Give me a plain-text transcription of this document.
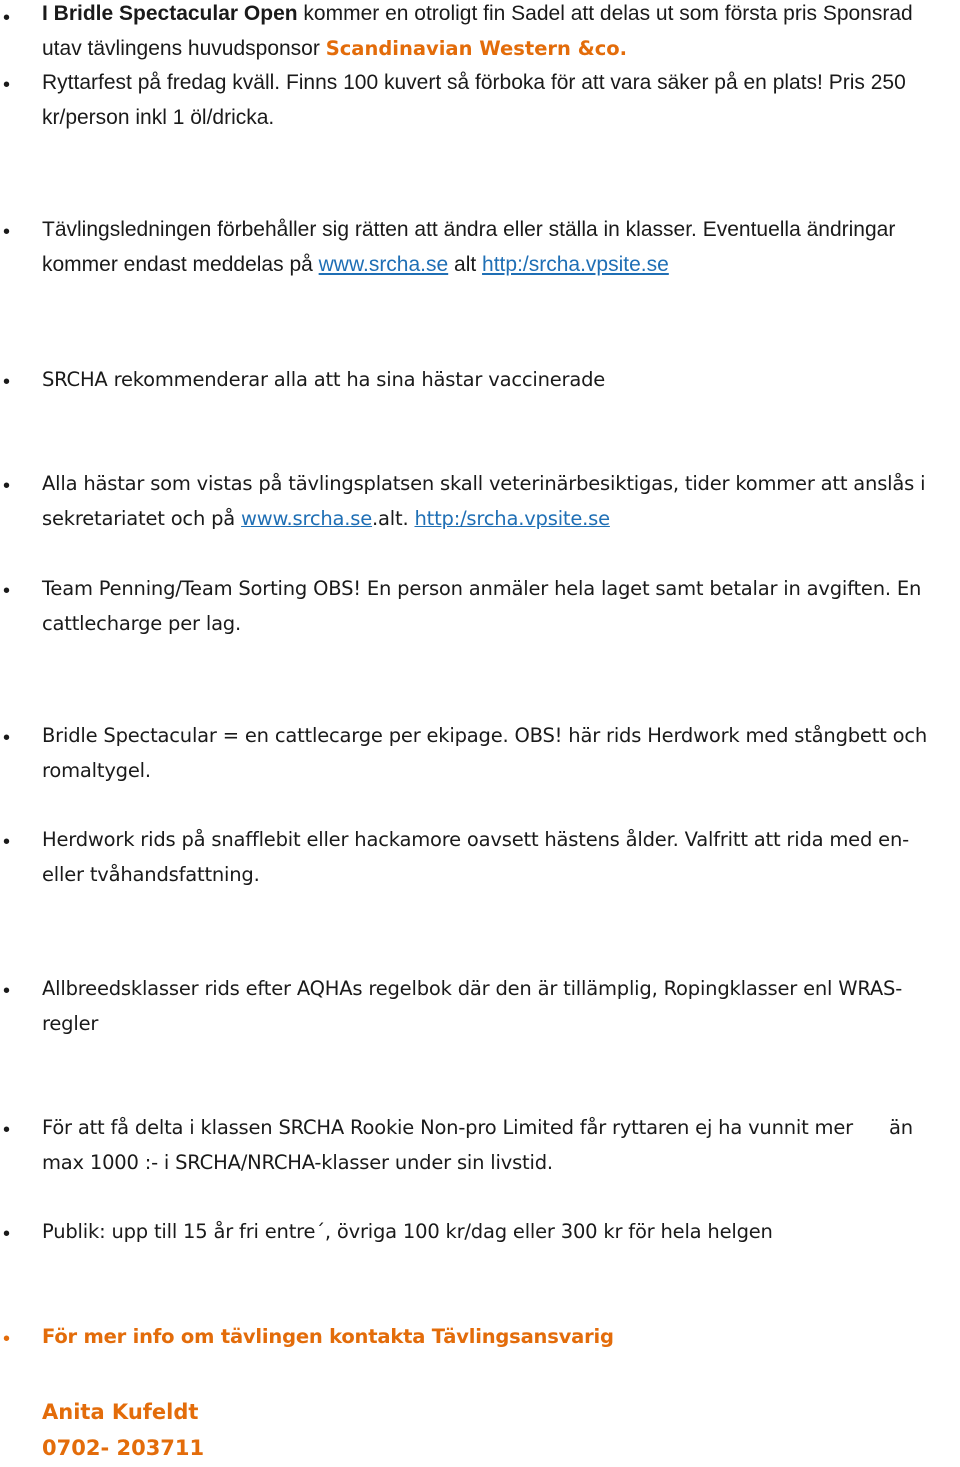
• I Bridle Spectacular Open kommer en otroligt fin Sadel att delas ut som första pris Sponsrad utav tävlingens huvudsponsor Scandinavian Western &co.
• Ryttarfest på fredag kväll. Finns 100 kuvert så förboka för att vara säker på en plats! Pris 250 kr/person inkl 1 öl/dricka.
• Tävlingsledningen förbehåller sig rätten att ändra eller ställa in klasser. Eventuella ändringar kommer endast meddelas på www.srcha.se alt http:/srcha.vpsite.se
• SRCHA rekommenderar alla att ha sina hästar vaccinerade
• Alla hästar som vistas på tävlingsplatsen skall veterinärbesiktigas, tider kommer att anslås i sekretariatet och på www.srcha.se.alt. http:/srcha.vpsite.se
• Team Penning/Team Sorting OBS! En person anmäler hela laget samt betalar in avgiften. En cattlecharge per lag.
• Bridle Spectacular = en cattlecarge per ekipage. OBS! här rids Herdwork med stångbett och romaltygel.
• Herdwork rids på snafflebit eller hackamore oavsett hästens ålder. Valfritt att rida med en-eller tvåhandsfattning.
• Allbreedsklasser rids efter AQHAs regelbok där den är tillämplig, Ropingklasser enl WRAS-regler
• För att få delta i klassen SRCHA Rookie Non-pro Limited får ryttaren ej ha vunnit mer än max 1000 :- i SRCHA/NRCHA-klasser under sin livstid.
• Publik: upp till 15 år fri entre´, övriga 100 kr/dag eller 300 kr för hela helgen
• För mer info om tävlingen kontakta Tävlingsansvarig
Anita Kufeldt
0702- 203711
